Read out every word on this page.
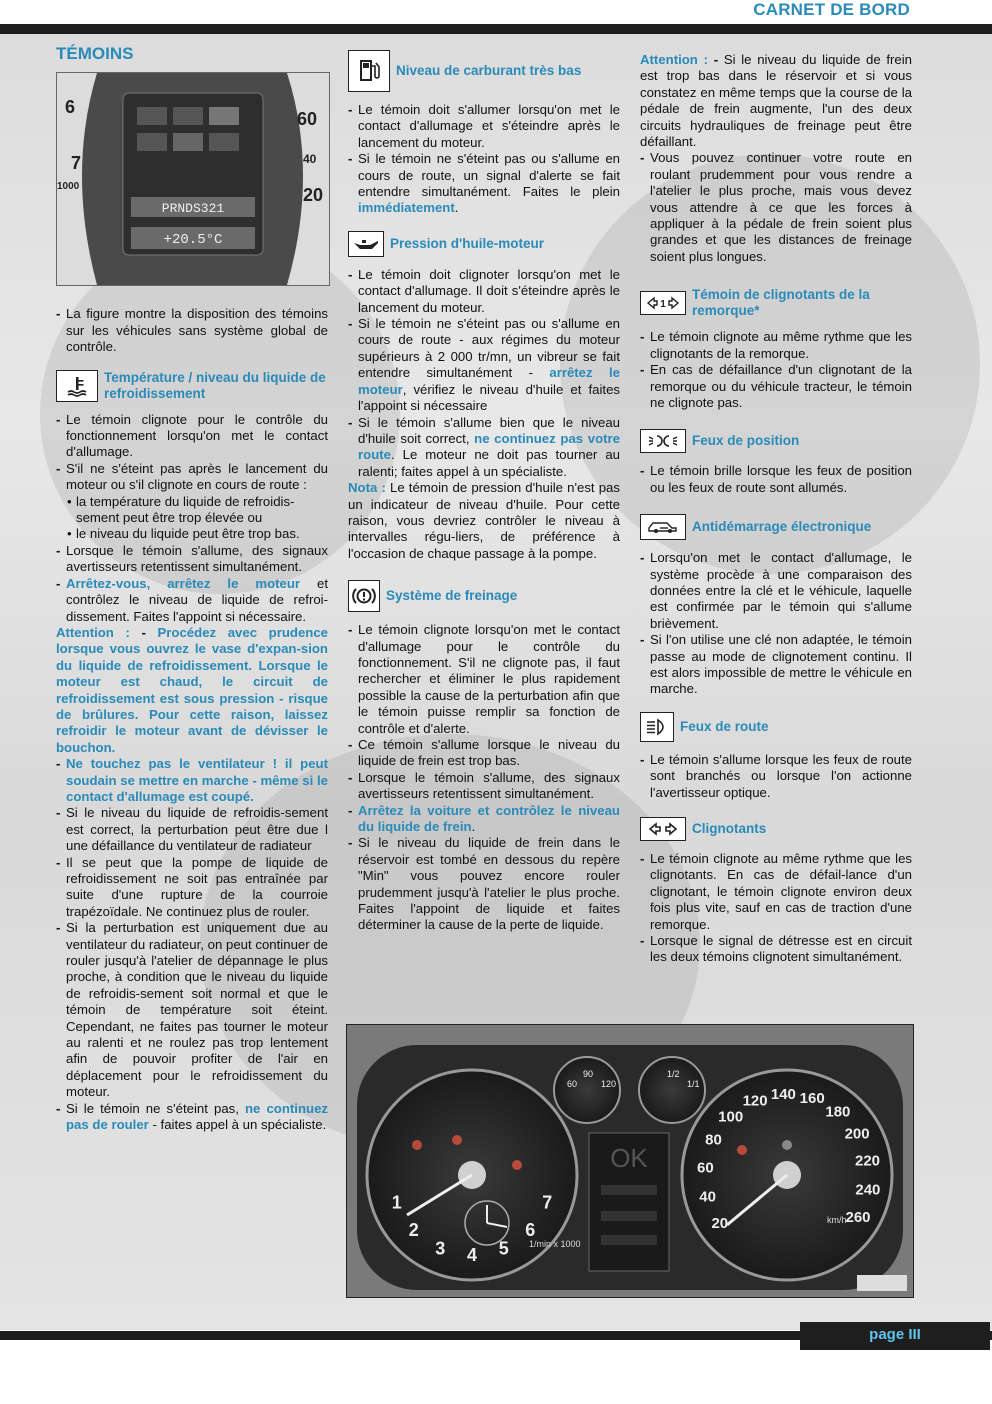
CARNET DE BORD
TÉMOINS
PRNDS321
+20.5°C
6
7
1000
60
40
20

- La figure montre la disposition des témoins sur les véhicules sans système global de contrôle.

Température / niveau du liquide de refroidissement
- Le témoin clignote pour le contrôle du fonctionnement lorsqu'on met le contact d'allumage.
- S'il ne s'éteint pas après le lancement du moteur ou s'il clignote en cours de route :
• la température du liquide de refroidis-sement peut être trop élevée ou
• le niveau du liquide peut être trop bas.
- Lorsque le témoin s'allume, des signaux avertisseurs retentissent simultanément.
- Arrêtez-vous, arrêtez le moteur et contrôlez le niveau de liquide de refroi-dissement. Faites l'appoint si nécessaire.
Attention : - Procédez avec prudence lorsque vous ouvrez le vase d'expan-sion du liquide de refroidissement. Lorsque le moteur est chaud, le circuit de refroidissement est sous pression - risque de brûlures. Pour cette raison, laissez refroidir le moteur avant de dévisser le bouchon.
- Ne touchez pas le ventilateur ! il peut soudain se mettre en marche - même si le contact d'allumage est coupé.
- Si le niveau du liquide de refroidis-sement est correct, la perturbation peut être due l une défaillance du ventilateur de radiateur
- Il se peut que la pompe de liquide de refroidissement ne soit pas entraînée par suite d'une rupture de la courroie trapézoïdale. Ne continuez plus de rouler.
- Si la perturbation est uniquement due au ventilateur du radiateur, on peut continuer de rouler jusqu'à l'atelier de dépannage le plus proche, à condition que le niveau du liquide de refroidis-sement soit normal et que le témoin de température soit éteint. Cependant, ne faites pas tourner le moteur au ralenti et ne roulez pas trop lentement afin de pouvoir profiter de l'air en déplacement pour le refroidissement du moteur.
- Si le témoin ne s'éteint pas, ne continuez pas de rouler - faites appel à un spécialiste.
Niveau de carburant très bas
- Le témoin doit s'allumer lorsqu'on met le contact d'allumage et s'éteindre après le lancement du moteur.
- Si le témoin ne s'éteint pas ou s'allume en cours de route, un signal d'alerte se fait entendre simultanément. Faites le plein immédiatement.
Pression d'huile-moteur
- Le témoin doit clignoter lorsqu'on met le contact d'allumage. Il doit s'éteindre après le lancement du moteur.
- Si le témoin ne s'éteint pas ou s'allume en cours de route - aux régimes du moteur supérieurs à 2 000 tr/mn, un vibreur se fait entendre simultanément - arrêtez le moteur, vérifiez le niveau d'huile et faites l'appoint si nécessaire
- Si le témoin s'allume bien que le niveau d'huile soit correct, ne continuez pas votre route. Le moteur ne doit pas tourner au ralenti; faites appel à un spécialiste.
Nota : Le témoin de pression d'huile n'est pas un indicateur de niveau d'huile. Pour cette raison, vous devriez contrôler le niveau à intervalles régu-liers, de préférence à l'occasion de chaque passage à la pompe.
Système de freinage
- Le témoin clignote lorsqu'on met le contact d'allumage pour le contrôle du fonctionnement. S'il ne clignote pas, il faut rechercher et éliminer le plus rapidement possible la cause de la perturbation afin que le témoin puisse remplir sa fonction de contrôle et d'alerte.
- Ce témoin s'allume lorsque le niveau du liquide de frein est trop bas.
- Lorsque le témoin s'allume, des signaux avertisseurs retentissent simultanément.
- Arrêtez la voiture et contrôlez le niveau du liquide de frein.
- Si le niveau du liquide de frein dans le réservoir est tombé en dessous du repère "Min" vous pouvez encore rouler prudemment jusqu'à l'atelier le plus proche. Faites l'appoint de liquide et faites déterminer la cause de la perte de liquide.
Attention : - Si le niveau du liquide de frein est trop bas dans le réservoir et si vous constatez en même temps que la course de la pédale de frein augmente, l'un des deux circuits hydrauliques de freinage peut être défaillant.
- Vous pouvez continuer votre route en roulant prudemment pour vous rendre a l'atelier le plus proche, mais vous devez vous attendre à ce que les forces à appliquer à la pédale de frein soient plus grandes et que les distances de freinage soient plus longues.
1
Témoin de clignotants de la remorque*
- Le témoin clignote au même rythme que les clignotants de la remorque.
- En cas de défaillance d'un clignotant de la remorque ou du véhicule tracteur, le témoin ne clignote pas.
Feux de position
- Le témoin brille lorsque les feux de position ou les feux de route sont allumés.
Antidémarrage électronique
- Lorsqu'on met le contact d'allumage, le système procède à une comparaison des données entre la clé et le véhicule, laquelle est confirmée par le témoin qui s'allume brièvement.
- Si l'on utilise une clé non adaptée, le témoin passe au mode de clignotement continu. Il est alors impossible de mettre le véhicule en marche.
Feux de route
- Le témoin s'allume lorsque les feux de route sont branchés ou lorsque l'on actionne l'avertisseur optique.
Clignotants
- Le témoin clignote au même rythme que les clignotants. En cas de défail-lance d'un clignotant, le témoin clignote environ deux fois plus vite, sauf en cas de traction d'une remorque.
- Lorsque le signal de détresse est en circuit les deux témoins clignotent simultanément.
OK
1
2
3 4 5
6
7
20
40
60
80
100
120 140 160
180
200
220
240
260
1/min x 1000
km/h
60
90
120
1/2
1/1
page III
